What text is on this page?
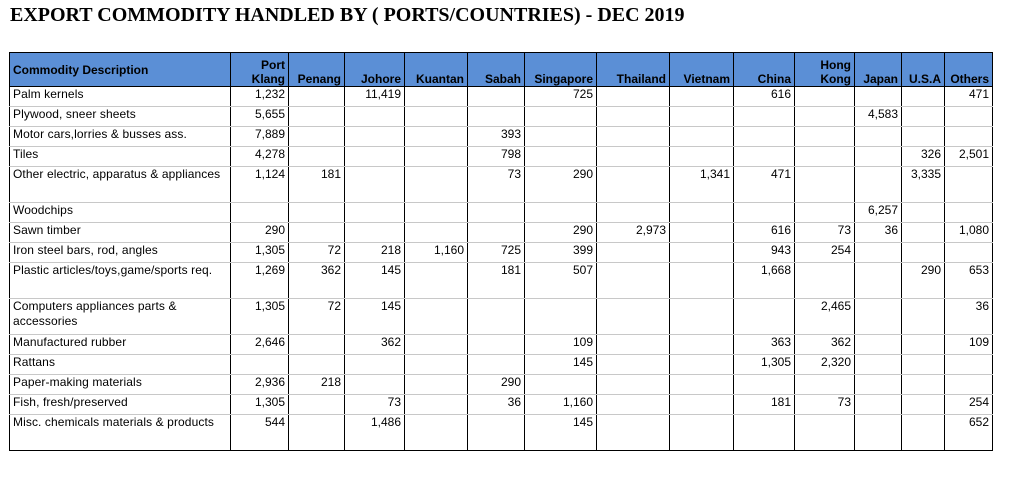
EXPORT COMMODITY HANDLED BY ( PORTS/COUNTRIES) - DEC 2019
Commodity Description	Port Klang	Penang	Johore	Kuantan	Sabah	Singapore	Thailand	Vietnam	China	Hong Kong	Japan	U.S.A	Others
Palm kernels	1,232		11,419			725			616				471
Plywood, sneer sheets	5,655										4,583		
Motor cars,lorries & busses ass.	7,889				393								
Tiles	4,278				798							326	2,501
Other electric, apparatus & appliances	1,124	181			73	290		1,341	471			3,335	
Woodchips											6,257		
Sawn timber	290					290	2,973		616	73	36		1,080
Iron steel bars, rod, angles	1,305	72	218	1,160	725	399			943	254			
Plastic articles/toys,game/sports req.	1,269	362	145		181	507			1,668			290	653
Computers appliances parts & accessories	1,305	72	145							2,465			36
Manufactured rubber	2,646		362			109			363	362			109
Rattans						145			1,305	2,320			
Paper-making materials	2,936	218			290								
Fish, fresh/preserved	1,305		73		36	1,160			181	73			254
Misc. chemicals materials & products	544		1,486			145							652
